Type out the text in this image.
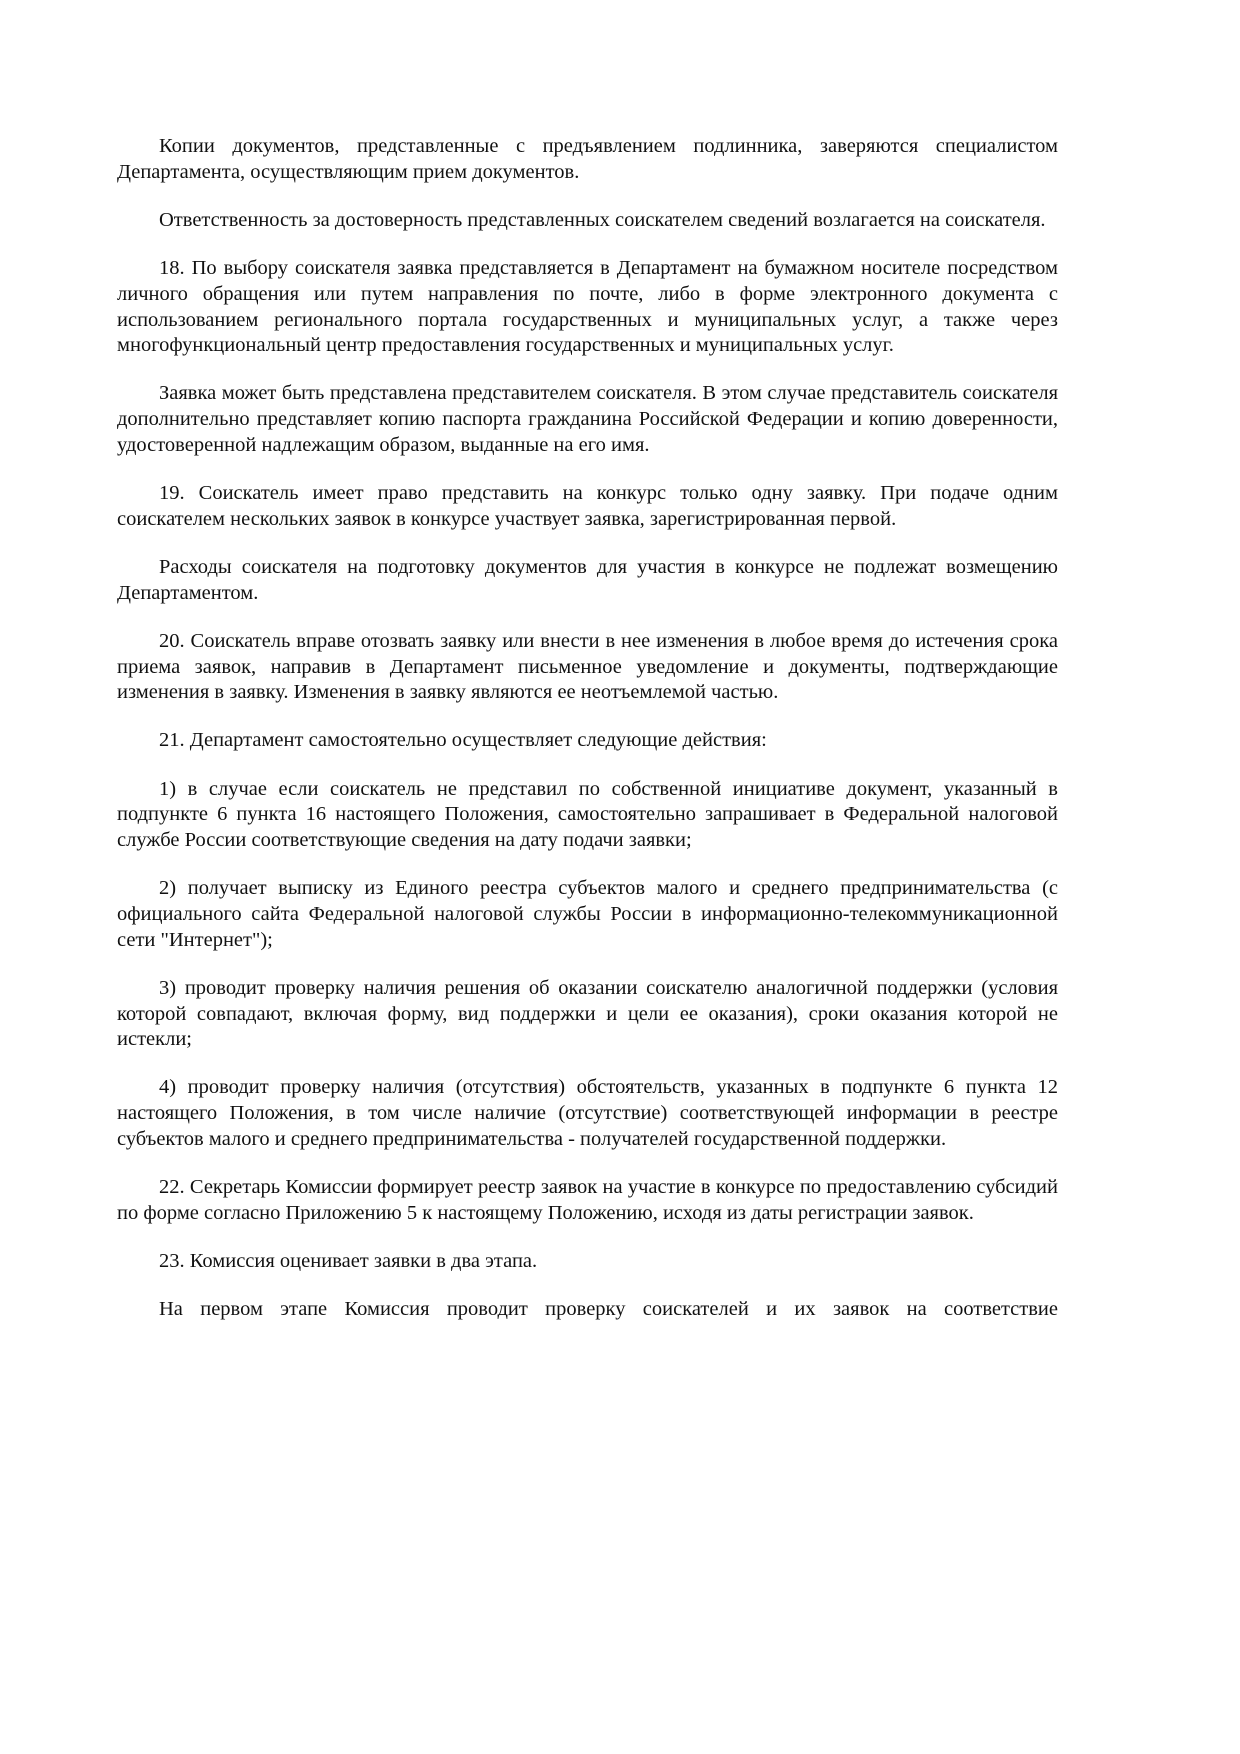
Копии документов, представленные с предъявлением подлинника, заверяются специалистом Департамента, осуществляющим прием документов.

Ответственность за достоверность представленных соискателем сведений возлагается на соискателя.

18. По выбору соискателя заявка представляется в Департамент на бумажном носителе посредством личного обращения или путем направления по почте, либо в форме электронного документа с использованием регионального портала государственных и муниципальных услуг, а также через многофункциональный центр предоставления государственных и муниципальных услуг.

Заявка может быть представлена представителем соискателя. В этом случае представитель соискателя дополнительно представляет копию паспорта гражданина Российской Федерации и копию доверенности, удостоверенной надлежащим образом, выданные на его имя.

19. Соискатель имеет право представить на конкурс только одну заявку. При подаче одним соискателем нескольких заявок в конкурсе участвует заявка, зарегистрированная первой.

Расходы соискателя на подготовку документов для участия в конкурсе не подлежат возмещению Департаментом.

20. Соискатель вправе отозвать заявку или внести в нее изменения в любое время до истечения срока приема заявок, направив в Департамент письменное уведомление и документы, подтверждающие изменения в заявку. Изменения в заявку являются ее неотъемлемой частью.

21. Департамент самостоятельно осуществляет следующие действия:

1) в случае если соискатель не представил по собственной инициативе документ, указанный в подпункте 6 пункта 16 настоящего Положения, самостоятельно запрашивает в Федеральной налоговой службе России соответствующие сведения на дату подачи заявки;

2) получает выписку из Единого реестра субъектов малого и среднего предпринимательства (с официального сайта Федеральной налоговой службы России в информационно-телекоммуникационной сети "Интернет");

3) проводит проверку наличия решения об оказании соискателю аналогичной поддержки (условия которой совпадают, включая форму, вид поддержки и цели ее оказания), сроки оказания которой не истекли;

4) проводит проверку наличия (отсутствия) обстоятельств, указанных в подпункте 6 пункта 12 настоящего Положения, в том числе наличие (отсутствие) соответствующей информации в реестре субъектов малого и среднего предпринимательства - получателей государственной поддержки.

22. Секретарь Комиссии формирует реестр заявок на участие в конкурсе по предоставлению субсидий по форме согласно Приложению 5 к настоящему Положению, исходя из даты регистрации заявок.

23. Комиссия оценивает заявки в два этапа.

На первом этапе Комиссия проводит проверку соискателей и их заявок на соответствие
